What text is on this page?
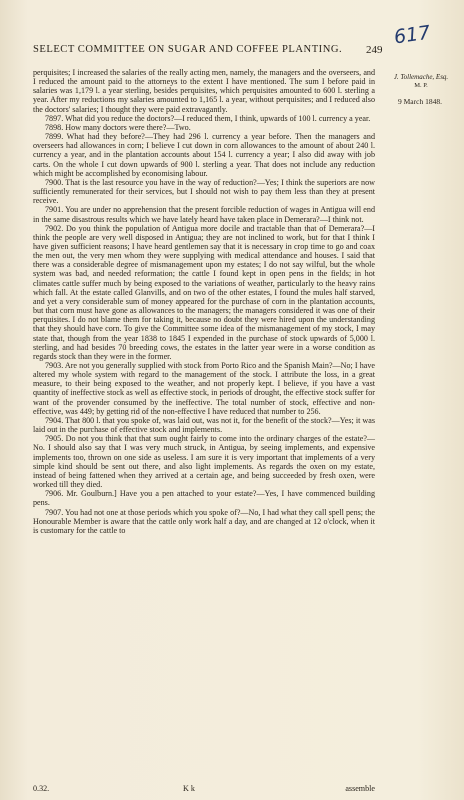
617
SELECT COMMITTEE ON SUGAR AND COFFEE PLANTING.	249
J. Tollemache, Esq.
M. P.
9 March 1848.

perquisites; I increased the salaries of the really acting men, namely, the managers and the overseers, and I reduced the amount paid to the attorneys to the extent I have mentioned. The sum I before paid in salaries was 1,179 l. a year sterling, besides perquisites, which perquisites amounted to 600 l. sterling a year. After my reductions my salaries amounted to 1,165 l. a year, without perquisites; and I reduced also the doctors' salaries; I thought they were paid extravagantly.

7897. What did you reduce the doctors?—I reduced them, I think, upwards of 100 l. currency a year.

7898. How many doctors were there?—Two.

7899. What had they before?—They had 296 l. currency a year before. Then the managers and overseers had allowances in corn; I believe I cut down in corn allowances to the amount of about 240 l. currency a year, and in the plantation accounts about 154 l. currency a year; I also did away with job carts. On the whole I cut down upwards of 900 l. sterling a year. That does not include any reduction which might be accomplished by economising labour.

7900. That is the last resource you have in the way of reduction?—Yes; I think the superiors are now sufficiently remunerated for their services, but I should not wish to pay them less than they at present receive.

7901. You are under no apprehension that the present forcible reduction of wages in Antigua will end in the same disastrous results which we have lately heard have taken place in Demerara?—I think not.

7902. Do you think the population of Antigua more docile and tractable than that of Demerara?—I think the people are very well disposed in Antigua; they are not inclined to work, but for that I think I have given sufficient reasons; I have heard gentlemen say that it is necessary in crop time to go and coax the men out, the very men whom they were supplying with medical attendance and houses. I said that there was a considerable degree of mismanagement upon my estates; I do not say wilful, but the whole system was bad, and needed reformation; the cattle I found kept in open pens in the fields; in hot climates cattle suffer much by being exposed to the variations of weather, particularly to the heavy rains which fall. At the estate called Glanvills, and on two of the other estates, I found the mules half starved, and yet a very considerable sum of money appeared for the purchase of corn in the plantation accounts, but that corn must have gone as allowances to the managers; the managers considered it was one of their perquisites. I do not blame them for taking it, because no doubt they were hired upon the understanding that they should have corn. To give the Committee some idea of the mismanagement of my stock, I may state that, though from the year 1838 to 1845 I expended in the purchase of stock upwards of 5,000 l. sterling, and had besides 70 breeding cows, the estates in the latter year were in a worse condition as regards stock than they were in the former.

7903. Are not you generally supplied with stock from Porto Rico and the Spanish Main?—No; I have altered my whole system with regard to the management of the stock. I attribute the loss, in a great measure, to their being exposed to the weather, and not properly kept. I believe, if you have a vast quantity of ineffective stock as well as effective stock, in periods of drought, the effective stock suffer for want of the provender consumed by the ineffective. The total number of stock, effective and non-effective, was 449; by getting rid of the non-effective I have reduced that number to 256.

7904. That 800 l. that you spoke of, was laid out, was not it, for the benefit of the stock?—Yes; it was laid out in the purchase of effective stock and implements.

7905. Do not you think that that sum ought fairly to come into the ordinary charges of the estate?—No. I should also say that I was very much struck, in Antigua, by seeing implements, and expensive implements too, thrown on one side as useless. I am sure it is very important that implements of a very simple kind should be sent out there, and also light implements. As regards the oxen on my estate, instead of being fattened when they arrived at a certain age, and being succeeded by fresh oxen, were worked till they died.

7906. Mr. Goulburn.] Have you a pen attached to your estate?—Yes, I have commenced building pens.

7907. You had not one at those periods which you spoke of?—No, I had what they call spell pens; the Honourable Member is aware that the cattle only work half a day, and are changed at 12 o'clock, when it is customary for the cattle to

0.32.	K k	assemble
